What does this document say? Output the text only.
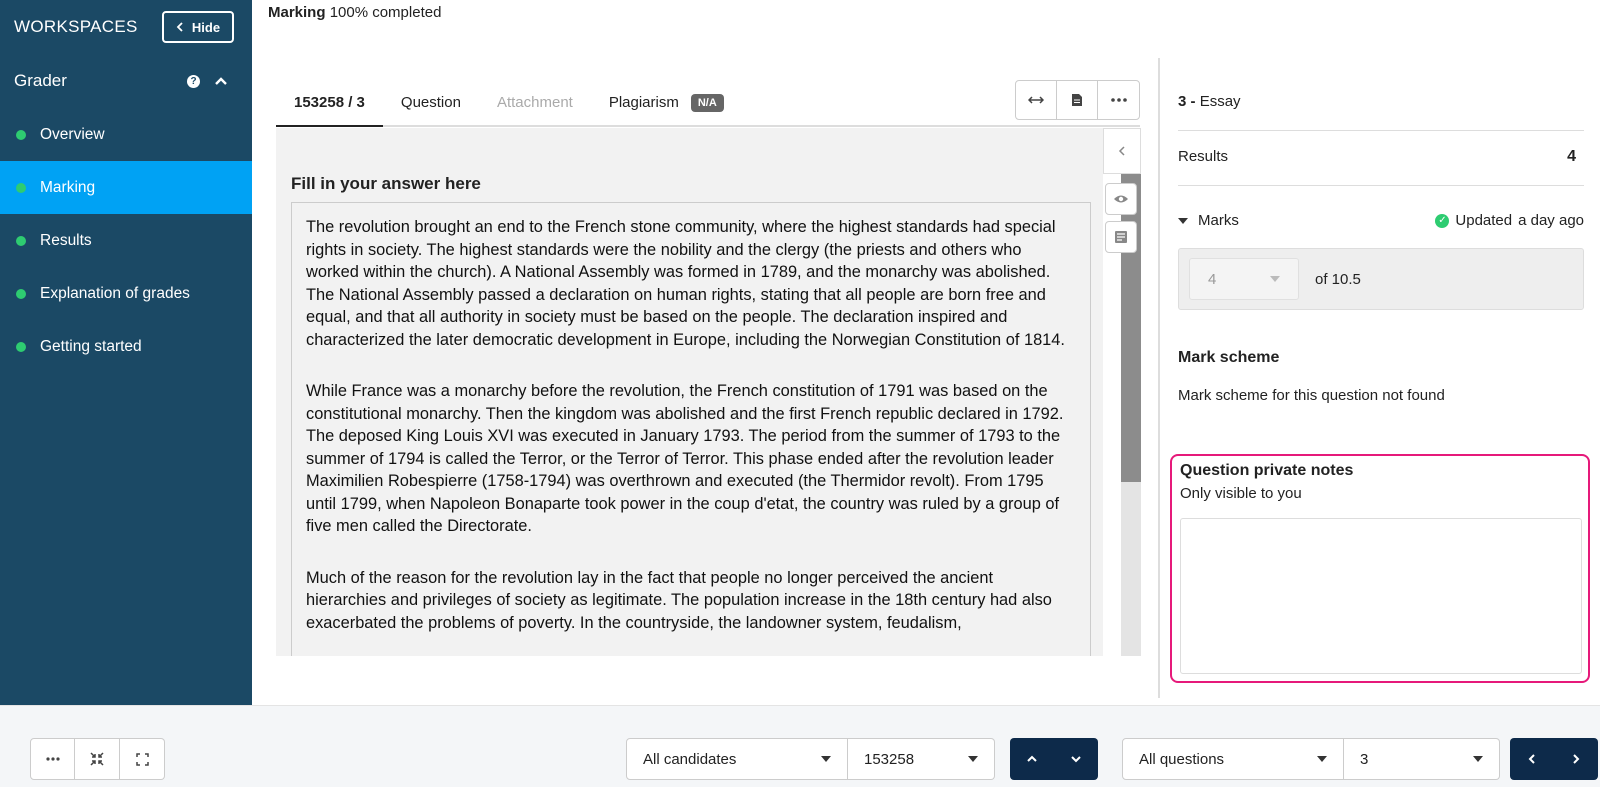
WORKSPACES	Hide
Grader	?
Overview
Marking
Results
Explanation of grades
Getting started
Marking 100% completed
153258 / 3	Question	Attachment	Plagiarism	N/A
Fill in your answer here

The revolution brought an end to the French stone community, where the highest standards had special rights in society. The highest standards were the nobility and the clergy (the priests and others who worked within the church). A National Assembly was formed in 1789, and the monarchy was abolished. The National Assembly passed a declaration on human rights, stating that all people are born free and equal, and that all authority in society must be based on the people. The declaration inspired and characterized the later democratic development in Europe, including the Norwegian Constitution of 1814.

While France was a monarchy before the revolution, the French constitution of 1791 was based on the constitutional monarchy. Then the kingdom was abolished and the first French republic declared in 1792. The deposed King Louis XVI was executed in January 1793. The period from the summer of 1793 to the summer of 1794 is called the Terror, or the Terror of Terror. This phase ended after the revolution leader Maximilien Robespierre (1758-1794) was overthrown and executed (the Thermidor revolt). From 1795 until 1799, when Napoleon Bonaparte took power in the coup d'etat, the country was ruled by a group of five men called the Directorate.

Much of the reason for the revolution lay in the fact that people no longer perceived the ancient hierarchies and privileges of society as legitimate. The population increase in the 18th century had also exacerbated the problems of poverty. In the countryside, the landowner system, feudalism,

3 - Essay
Results	4
Marks	✓ Updated a day ago
4	of 10.5
Mark scheme
Mark scheme for this question not found
Question private notes
Only visible to you
All candidates	153258	All questions	3
